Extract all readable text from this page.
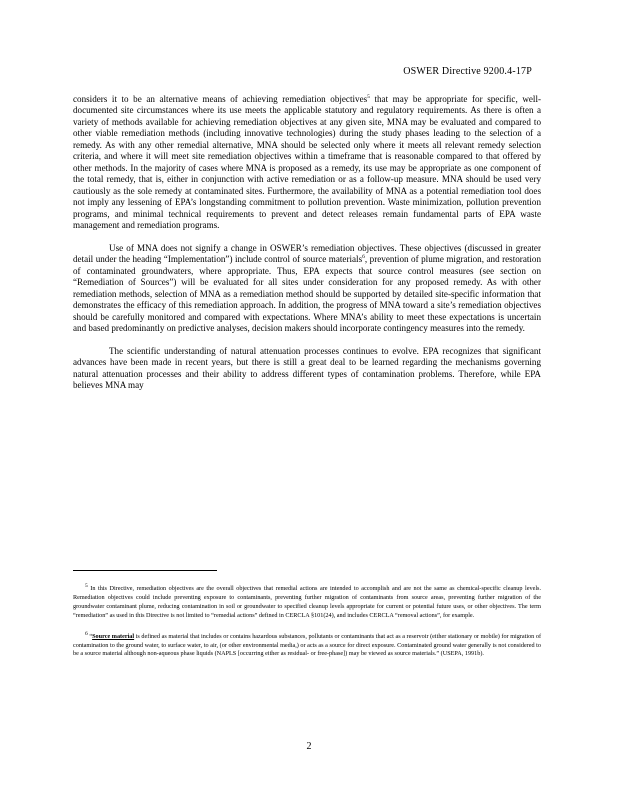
OSWER Directive 9200.4-17P

considers it to be an alternative means of achieving remediation objectives$^5$ that may be appropriate for specific, well-documented site circumstances where its use meets the applicable statutory and regulatory requirements. As there is often a variety of methods available for achieving remediation objectives at any given site, MNA may be evaluated and compared to other viable remediation methods (including innovative technologies) during the study phases leading to the selection of a remedy. As with any other remedial alternative, MNA should be selected only where it meets all relevant remedy selection criteria, and where it will meet site remediation objectives within a timeframe that is reasonable compared to that offered by other methods. In the majority of cases where MNA is proposed as a remedy, its use may be appropriate as one component of the total remedy, that is, either in conjunction with active remediation or as a follow-up measure. MNA should be used very cautiously as the sole remedy at contaminated sites. Furthermore, the availability of MNA as a potential remediation tool does not imply any lessening of EPA’s longstanding commitment to pollution prevention. Waste minimization, pollution prevention programs, and minimal technical requirements to prevent and detect releases remain fundamental parts of EPA waste management and remediation programs.

Use of MNA does not signify a change in OSWER’s remediation objectives. These objectives (discussed in greater detail under the heading “Implementation”) include control of source materials$^6$, prevention of plume migration, and restoration of contaminated groundwaters, where appropriate. Thus, EPA expects that source control measures (see section on “Remediation of Sources”) will be evaluated for all sites under consideration for any proposed remedy. As with other remediation methods, selection of MNA as a remediation method should be supported by detailed site-specific information that demonstrates the efficacy of this remediation approach. In addition, the progress of MNA toward a site’s remediation objectives should be carefully monitored and compared with expectations. Where MNA’s ability to meet these expectations is uncertain and based predominantly on predictive analyses, decision makers should incorporate contingency measures into the remedy.

The scientific understanding of natural attenuation processes continues to evolve. EPA recognizes that significant advances have been made in recent years, but there is still a great deal to be learned regarding the mechanisms governing natural attenuation processes and their ability to address different types of contamination problems. Therefore, while EPA believes MNA may

$^5$ In this Directive, remediation objectives are the overall objectives that remedial actions are intended to accomplish and are not the same as chemical-specific cleanup levels. Remediation objectives could include preventing exposure to contaminants, preventing further migration of contaminants from source areas, preventing further migration of the groundwater contaminant plume, reducing contamination in soil or groundwater to specified cleanup levels appropriate for current or potential future uses, or other objectives. The term “remediation” as used in this Directive is not limited to “remedial actions” defined in CERCLA §101(24), and includes CERCLA “removal actions”, for example.

$^6$ “Source material is defined as material that includes or contains hazardous substances, pollutants or contaminants that act as a reservoir (either stationary or mobile) for migration of contamination to the ground water, to surface water, to air, (or other environmental media,) or acts as a source for direct exposure. Contaminated ground water generally is not considered to be a source material although non-aqueous phase liquids (NAPLS [occurring either as residual- or free-phase]) may be viewed as source materials.” (USEPA, 1991b).

2
